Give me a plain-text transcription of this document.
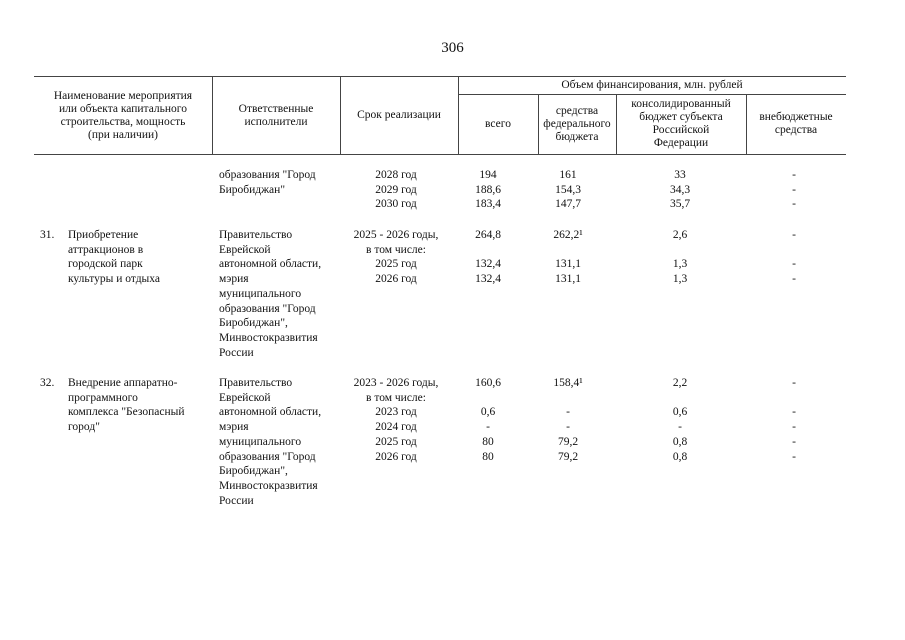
306
Наименование мероприятия
или объекта капитального
строительства, мощность
(при наличии)
Ответственные
исполнители
Срок реализации
Объем финансирования, млн. рублей
всего
средства
федерального
бюджета
консолидированный
бюджет субъекта
Российской
Федерации
внебюджетные
средства
образования "Город
Биробиджан"
2028 год
2029 год
2030 год
194
188,6
183,4
161
154,3
147,7
33
34,3
35,7
-
-
-
31. Приобретение
аттракционов в
городской парк
культуры и отдыха
Правительство
Еврейской
автономной области,
мэрия
муниципального
образования "Город
Биробиджан",
Минвостокразвития
России
2025 - 2026 годы,
в том числе:
2025 год
2026 год
264,8

132,4
132,4
262,2¹

131,1
131,1
2,6

1,3
1,3
-

-
-
32. Внедрение аппаратно-
программного
комплекса "Безопасный
город"
Правительство
Еврейской
автономной области,
мэрия
муниципального
образования "Город
Биробиджан",
Минвостокразвития
России
2023 - 2026 годы,
в том числе:
2023 год
2024 год
2025 год
2026 год
160,6

0,6
-
80
80
158,4¹

-
-
79,2
79,2
2,2

0,6
-
0,8
0,8
-

-
-
-
-
